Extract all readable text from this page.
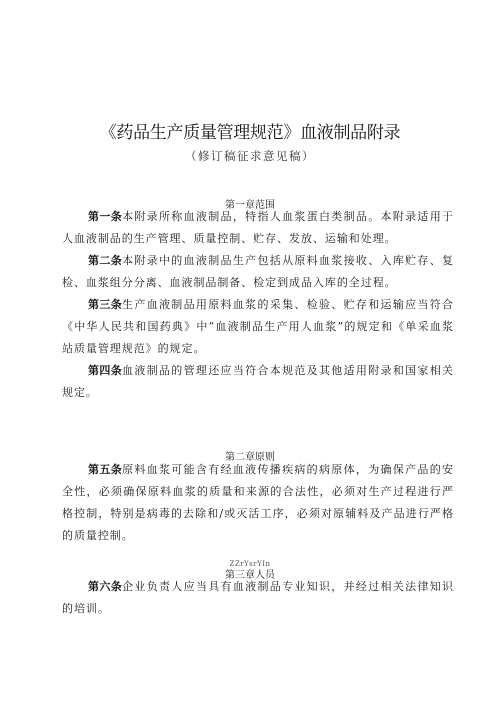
《药品生产质量管理规范》血液制品附录
（修订稿征求意见稿）
第一章范围

第一条本附录所称血液制品，特指人血浆蛋白类制品。本附录适用于人血液制品的生产管理、质量控制、贮存、发放、运输和处理。

第二条本附录中的血液制品生产包括从原料血浆接收、入库贮存、复检、血浆组分分离、血液制品制备、检定到成品入库的全过程。

第三条生产血液制品用原料血浆的采集、检验、贮存和运输应当符合《中华人民共和国药典》中“血液制品生产用人血浆”的规定和《单采血浆站质量管理规范》的规定。

第四条血液制品的管理还应当符合本规范及其他适用附录和国家相关规定。

第二章原则

第五条原料血浆可能含有经血液传播疾病的病原体，为确保产品的安全性，必须确保原料血浆的质量和来源的合法性，必须对生产过程进行严格控制，特别是病毒的去除和/或灭活工序，必须对原辅料及产品进行严格的质量控制。

ZZrYsrYIn
第三章人员

第六条企业负责人应当具有血液制品专业知识，并经过相关法律知识的培训。
